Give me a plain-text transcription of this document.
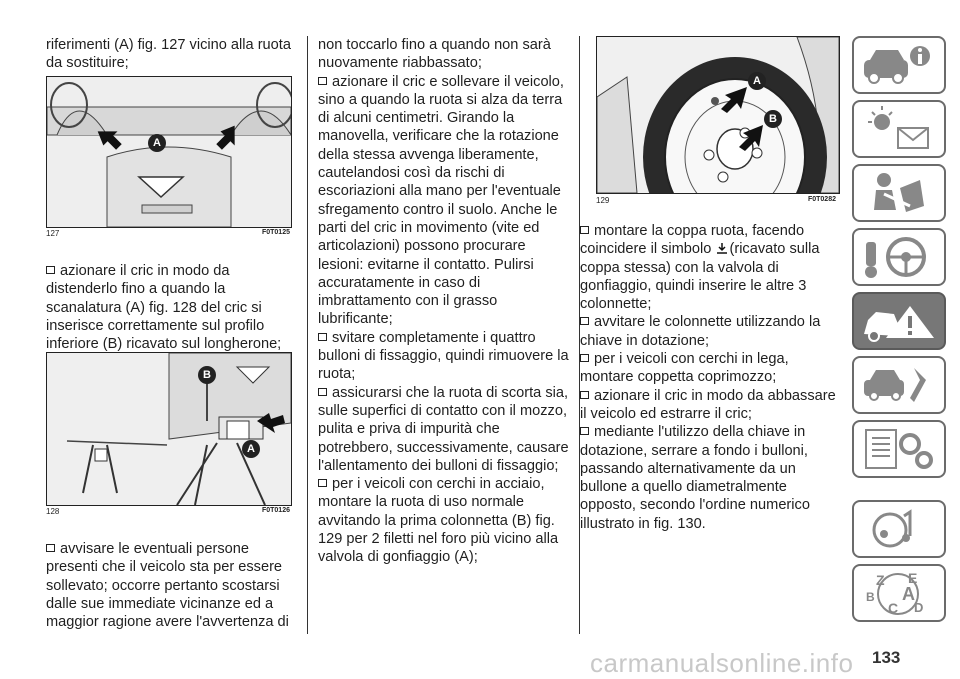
riferimenti (A) fig. 127 vicino alla ruota da sostituire;

A
127	F0T0125

azionare il cric in modo da distenderlo fino a quando la scanalatura (A) fig. 128 del cric si inserisce correttamente sul profilo inferiore (B) ricavato sul longherone;

B
A
128	F0T0126

avvisare le eventuali persone presenti che il veicolo sta per essere sollevato; occorre pertanto scostarsi dalle sue immediate vicinanze ed a maggior ragione avere l'avvertenza di

non toccarlo fino a quando non sarà nuovamente riabbassato;

azionare il cric e sollevare il veicolo, sino a quando la ruota si alza da terra di alcuni centimetri. Girando la manovella, verificare che la rotazione della stessa avvenga liberamente, cautelandosi così da rischi di escoriazioni alla mano per l'eventuale sfregamento contro il suolo. Anche le parti del cric in movimento (vite ed articolazioni) possono procurare lesioni: evitarne il contatto. Pulirsi accuratamente in caso di imbrattamento con il grasso lubrificante;

svitare completamente i quattro bulloni di fissaggio, quindi rimuovere la ruota;

assicurarsi che la ruota di scorta sia, sulle superfici di contatto con il mozzo, pulita e priva di impurità che potrebbero, successivamente, causare l'allentamento dei bulloni di fissaggio;

per i veicoli con cerchi in acciaio, montare la ruota di uso normale avvitando la prima colonnetta (B) fig. 129 per 2 filetti nel foro più vicino alla valvola di gonfiaggio (A);

A
B
129	F0T0282

montare la coppa ruota, facendo coincidere il simbolo (ricavato sulla coppa stessa) con la valvola di gonfiaggio, quindi inserire le altre 3 colonnette;

avvitare le colonnette utilizzando la chiave in dotazione;

per i veicoli con cerchi in lega, montare coppetta coprimozzo;

azionare il cric in modo da abbassare il veicolo ed estrarre il cric;

mediante l'utilizzo della chiave in dotazione, serrare a fondo i bulloni, passando alternativamente da un bullone a quello diametralmente opposto, secondo l'ordine numerico illustrato in fig. 130.

Z E
A
B
C D
carmanualsonline.info 133
